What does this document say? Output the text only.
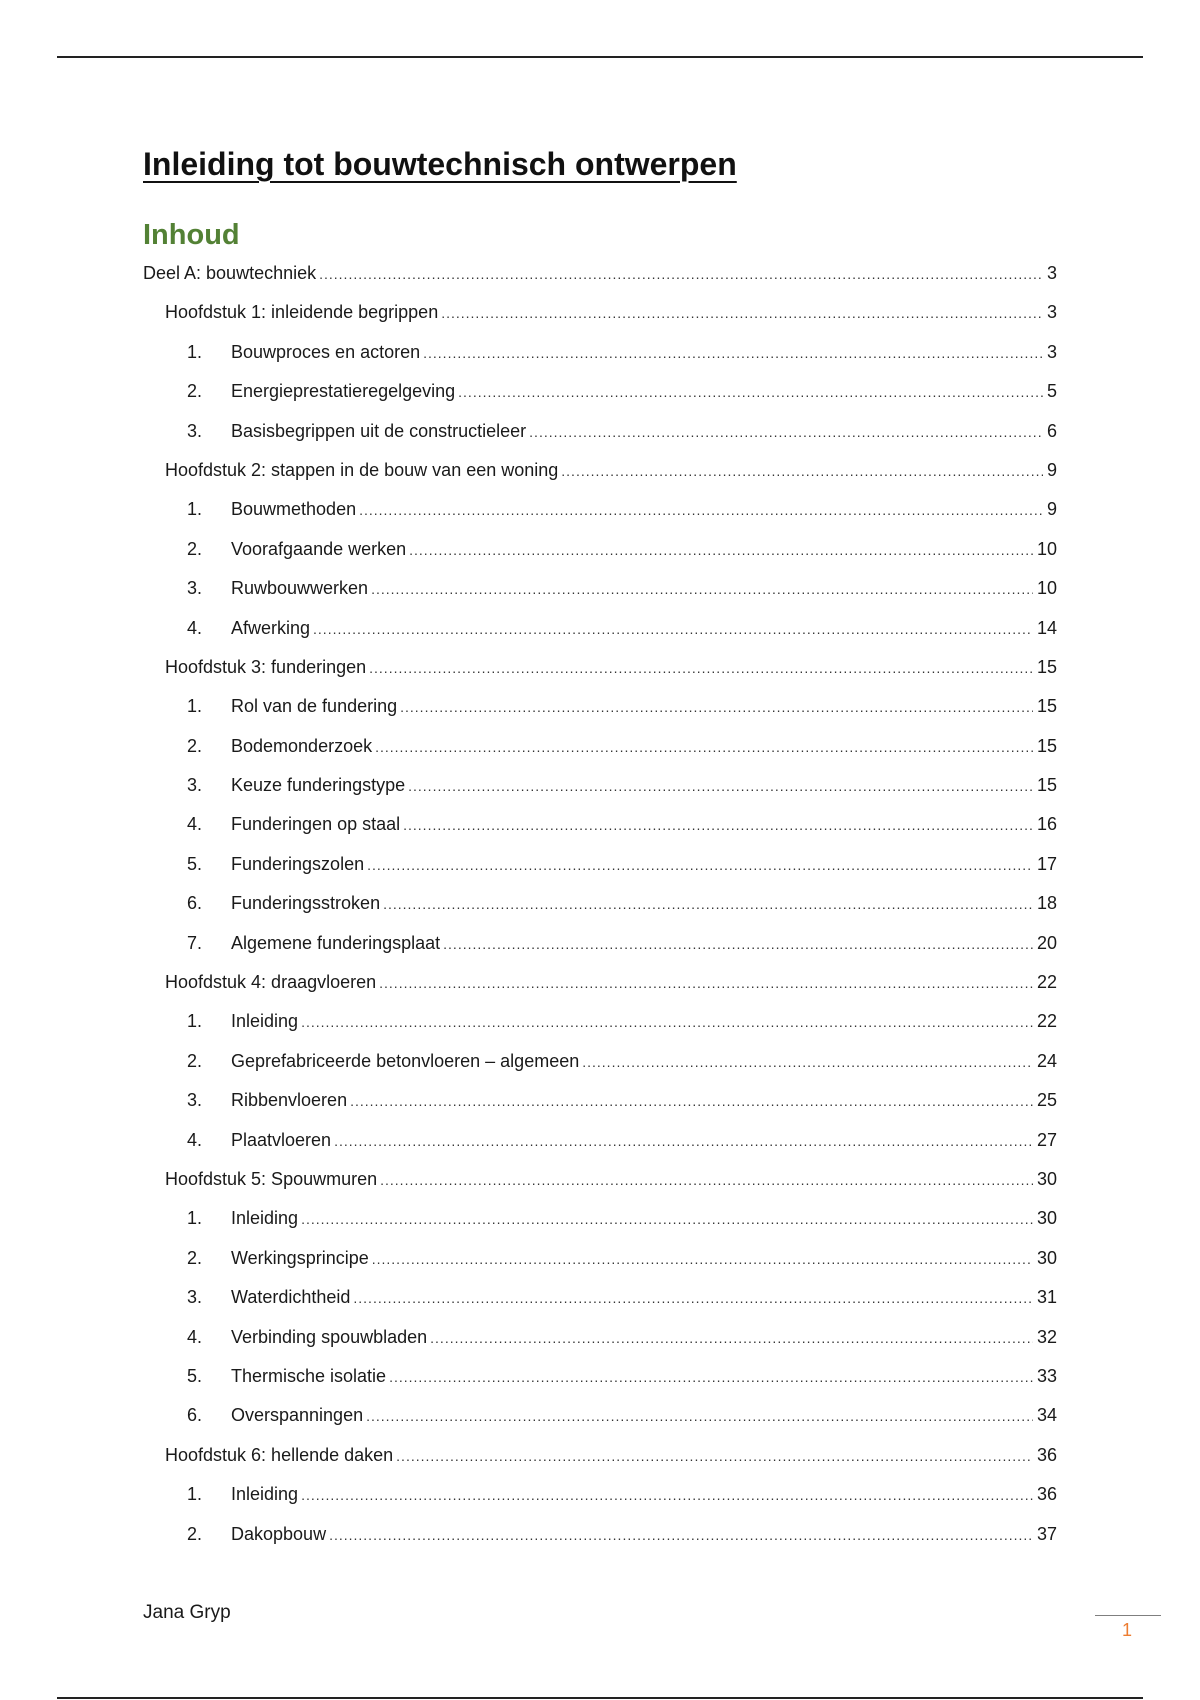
Inleiding tot bouwtechnisch ontwerpen
Inhoud
Deel A: bouwtechniek .....	3
Hoofdstuk 1: inleidende begrippen .....	3
1.	Bouwproces en actoren .....	3
2.	Energieprestatieregelgeving .....	5
3.	Basisbegrippen uit de constructieleer .....	6
Hoofdstuk 2: stappen in de bouw van een woning .....	9
1.	Bouwmethoden .....	9
2.	Voorafgaande werken .....	10
3.	Ruwbouwwerken .....	10
4.	Afwerking .....	14
Hoofdstuk 3: funderingen .....	15
1.	Rol van de fundering .....	15
2.	Bodemonderzoek .....	15
3.	Keuze funderingstype .....	15
4.	Funderingen op staal .....	16
5.	Funderingszolen .....	17
6.	Funderingsstroken .....	18
7.	Algemene funderingsplaat .....	20
Hoofdstuk 4: draagvloeren .....	22
1.	Inleiding .....	22
2.	Geprefabriceerde betonvloeren – algemeen .....	24
3.	Ribbenvloeren .....	25
4.	Plaatvloeren .....	27
Hoofdstuk 5: Spouwmuren .....	30
1.	Inleiding .....	30
2.	Werkingsprincipe .....	30
3.	Waterdichtheid .....	31
4.	Verbinding spouwbladen .....	32
5.	Thermische isolatie .....	33
6.	Overspanningen .....	34
Hoofdstuk 6: hellende daken .....	36
1.	Inleiding .....	36
2.	Dakopbouw .....	37
Jana Gryp
1
